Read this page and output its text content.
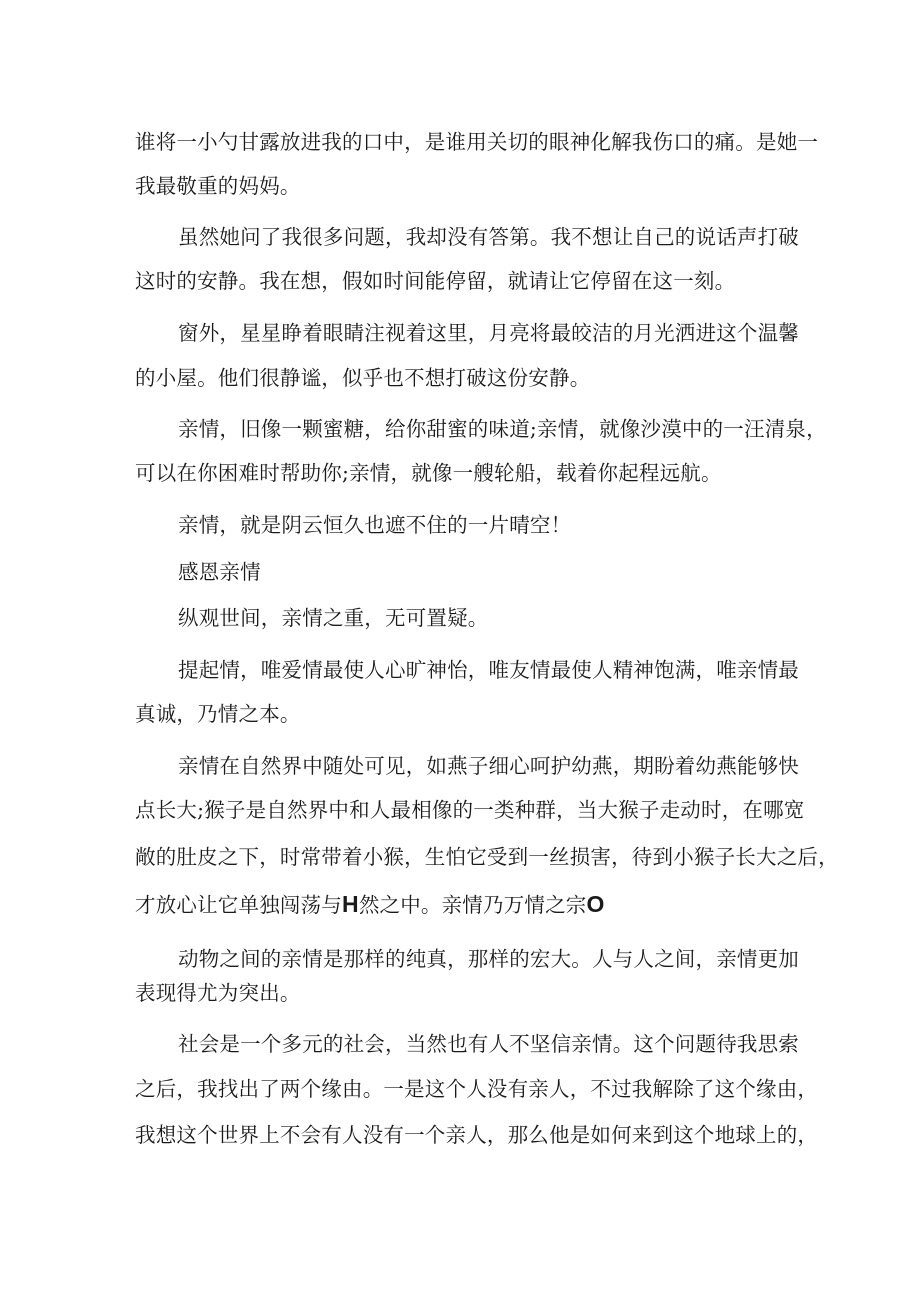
谁将一小勺甘露放进我的口中，是谁用关切的眼神化解我伤口的痛。是她一

我最敬重的妈妈。

虽然她问了我很多问题，我却没有答第。我不想让自己的说话声打破

这时的安静。我在想，假如时间能停留，就请让它停留在这一刻。

窗外，星星睁着眼睛注视着这里，月亮将最皎洁的月光洒进这个温馨

的小屋。他们很静谧，似乎也不想打破这份安静。

亲情，旧像一颗蜜糖，给你甜蜜的味道;亲情，就像沙漠中的一汪清泉，

可以在你困难时帮助你;亲情，就像一艘轮船，载着你起程远航。

亲情，就是阴云恒久也遮不住的一片晴空！

感恩亲情

纵观世间，亲情之重，无可置疑。

提起情，唯爱情最使人心旷神怡，唯友情最使人精神饱满，唯亲情最

真诚，乃情之本。

亲情在自然界中随处可见，如燕子细心呵护幼燕，期盼着幼燕能够快

点长大;猴子是自然界中和人最相像的一类种群，当大猴子走动时，在哪宽

敞的肚皮之下，时常带着小猴，生怕它受到一丝损害，待到小猴子长大之后，

才放心让它单独闯荡与H然之中。亲情乃万情之宗O

动物之间的亲情是那样的纯真，那样的宏大。人与人之间，亲情更加

表现得尤为突出。

社会是一个多元的社会，当然也有人不坚信亲情。这个问题待我思索

之后，我找出了两个缘由。一是这个人没有亲人，不过我解除了这个缘由，

我想这个世界上不会有人没有一个亲人，那么他是如何来到这个地球上的，
